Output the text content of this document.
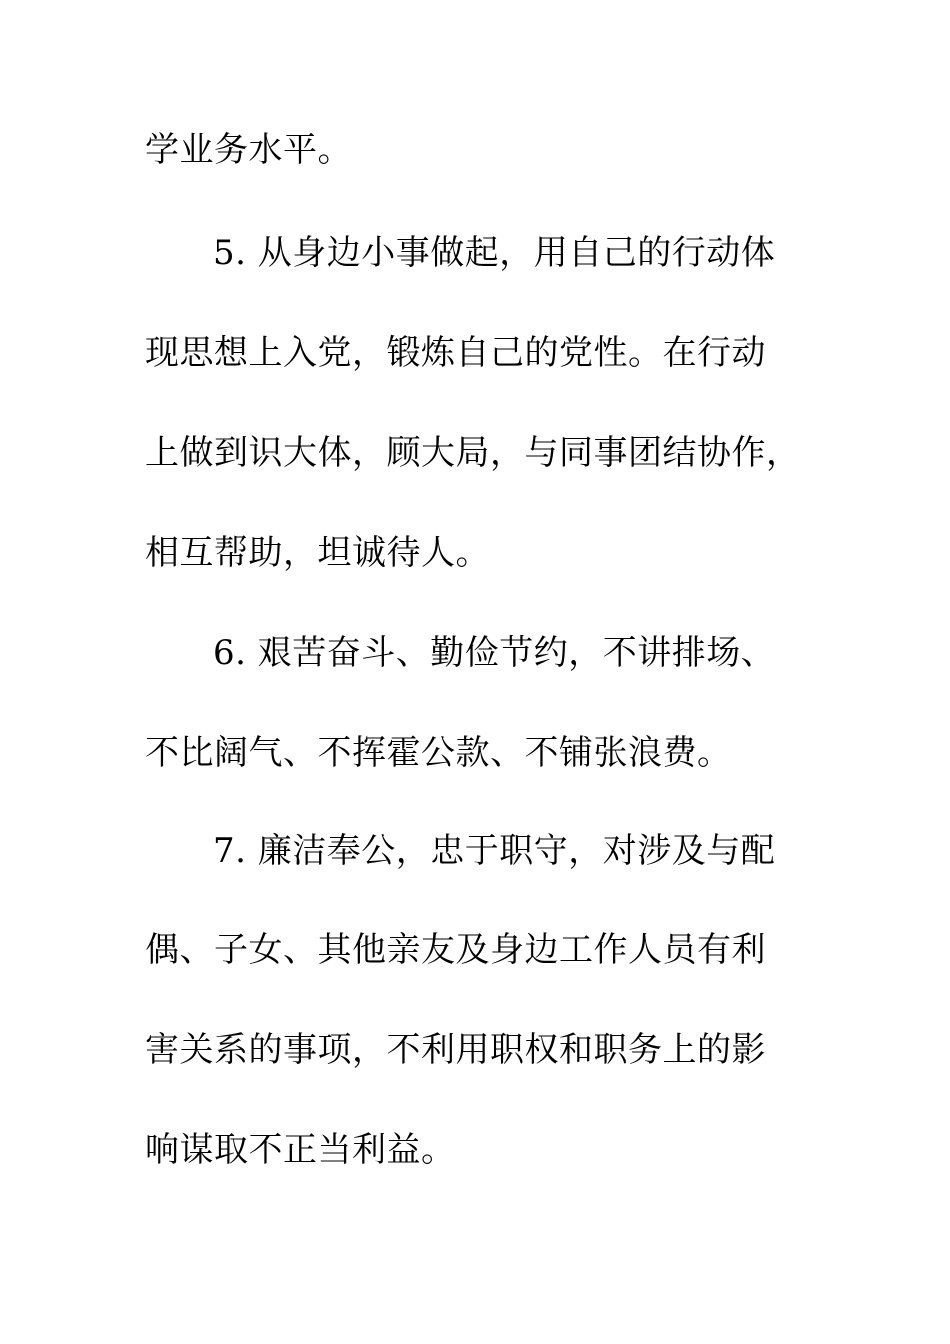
学业务水平。
5. 从身边小事做起，用自己的行动体
现思想上入党，锻炼自己的党性。在行动
上做到识大体，顾大局，与同事团结协作，
相互帮助，坦诚待人。
6. 艰苦奋斗、勤俭节约，不讲排场、
不比阔气、不挥霍公款、不铺张浪费。
7. 廉洁奉公，忠于职守，对涉及与配
偶、子女、其他亲友及身边工作人员有利
害关系的事项，不利用职权和职务上的影
响谋取不正当利益。
